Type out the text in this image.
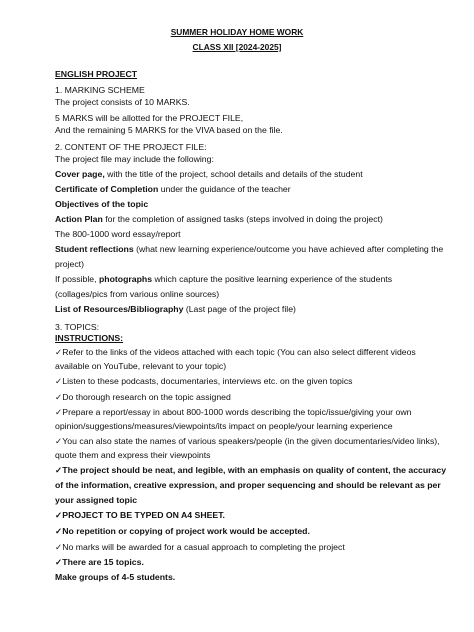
SUMMER HOLIDAY HOME WORK
CLASS XII [2024-2025]
ENGLISH PROJECT
1. MARKING SCHEME
The project consists of 10 MARKS.
5 MARKS will be allotted for the PROJECT FILE,
And the remaining 5 MARKS for the VIVA based on the file.
2. CONTENT OF THE PROJECT FILE:
The project file may include the following:
Cover page, with the title of the project, school details and details of the student
Certificate of Completion under the guidance of the teacher
Objectives of the topic
Action Plan for the completion of assigned tasks (steps involved in doing the project)
The 800-1000 word essay/report
Student reflections (what new learning experience/outcome you have achieved after completing the
project)
If possible, photographs which capture the positive learning experience of the students
(collages/pics from various online sources)
List of Resources/Bibliography (Last page of the project file)
3. TOPICS:
INSTRUCTIONS:
✓Refer to the links of the videos attached with each topic (You can also select different videos
available on YouTube, relevant to your topic)
✓Listen to these podcasts, documentaries, interviews etc. on the given topics
✓Do thorough research on the topic assigned
✓Prepare a report/essay in about 800-1000 words describing the topic/issue/giving your own
opinion/suggestions/measures/viewpoints/its impact on people/your learning experience
✓You can also state the names of various speakers/people (in the given documentaries/video links),
quote them and express their viewpoints
✓The project should be neat, and legible, with an emphasis on quality of content, the accuracy
of the information, creative expression, and proper sequencing and should be relevant as per
your assigned topic
✓PROJECT TO BE TYPED ON A4 SHEET.
✓No repetition or copying of project work would be accepted.
✓No marks will be awarded for a casual approach to completing the project
✓There are 15 topics.
Make groups of 4-5 students.
